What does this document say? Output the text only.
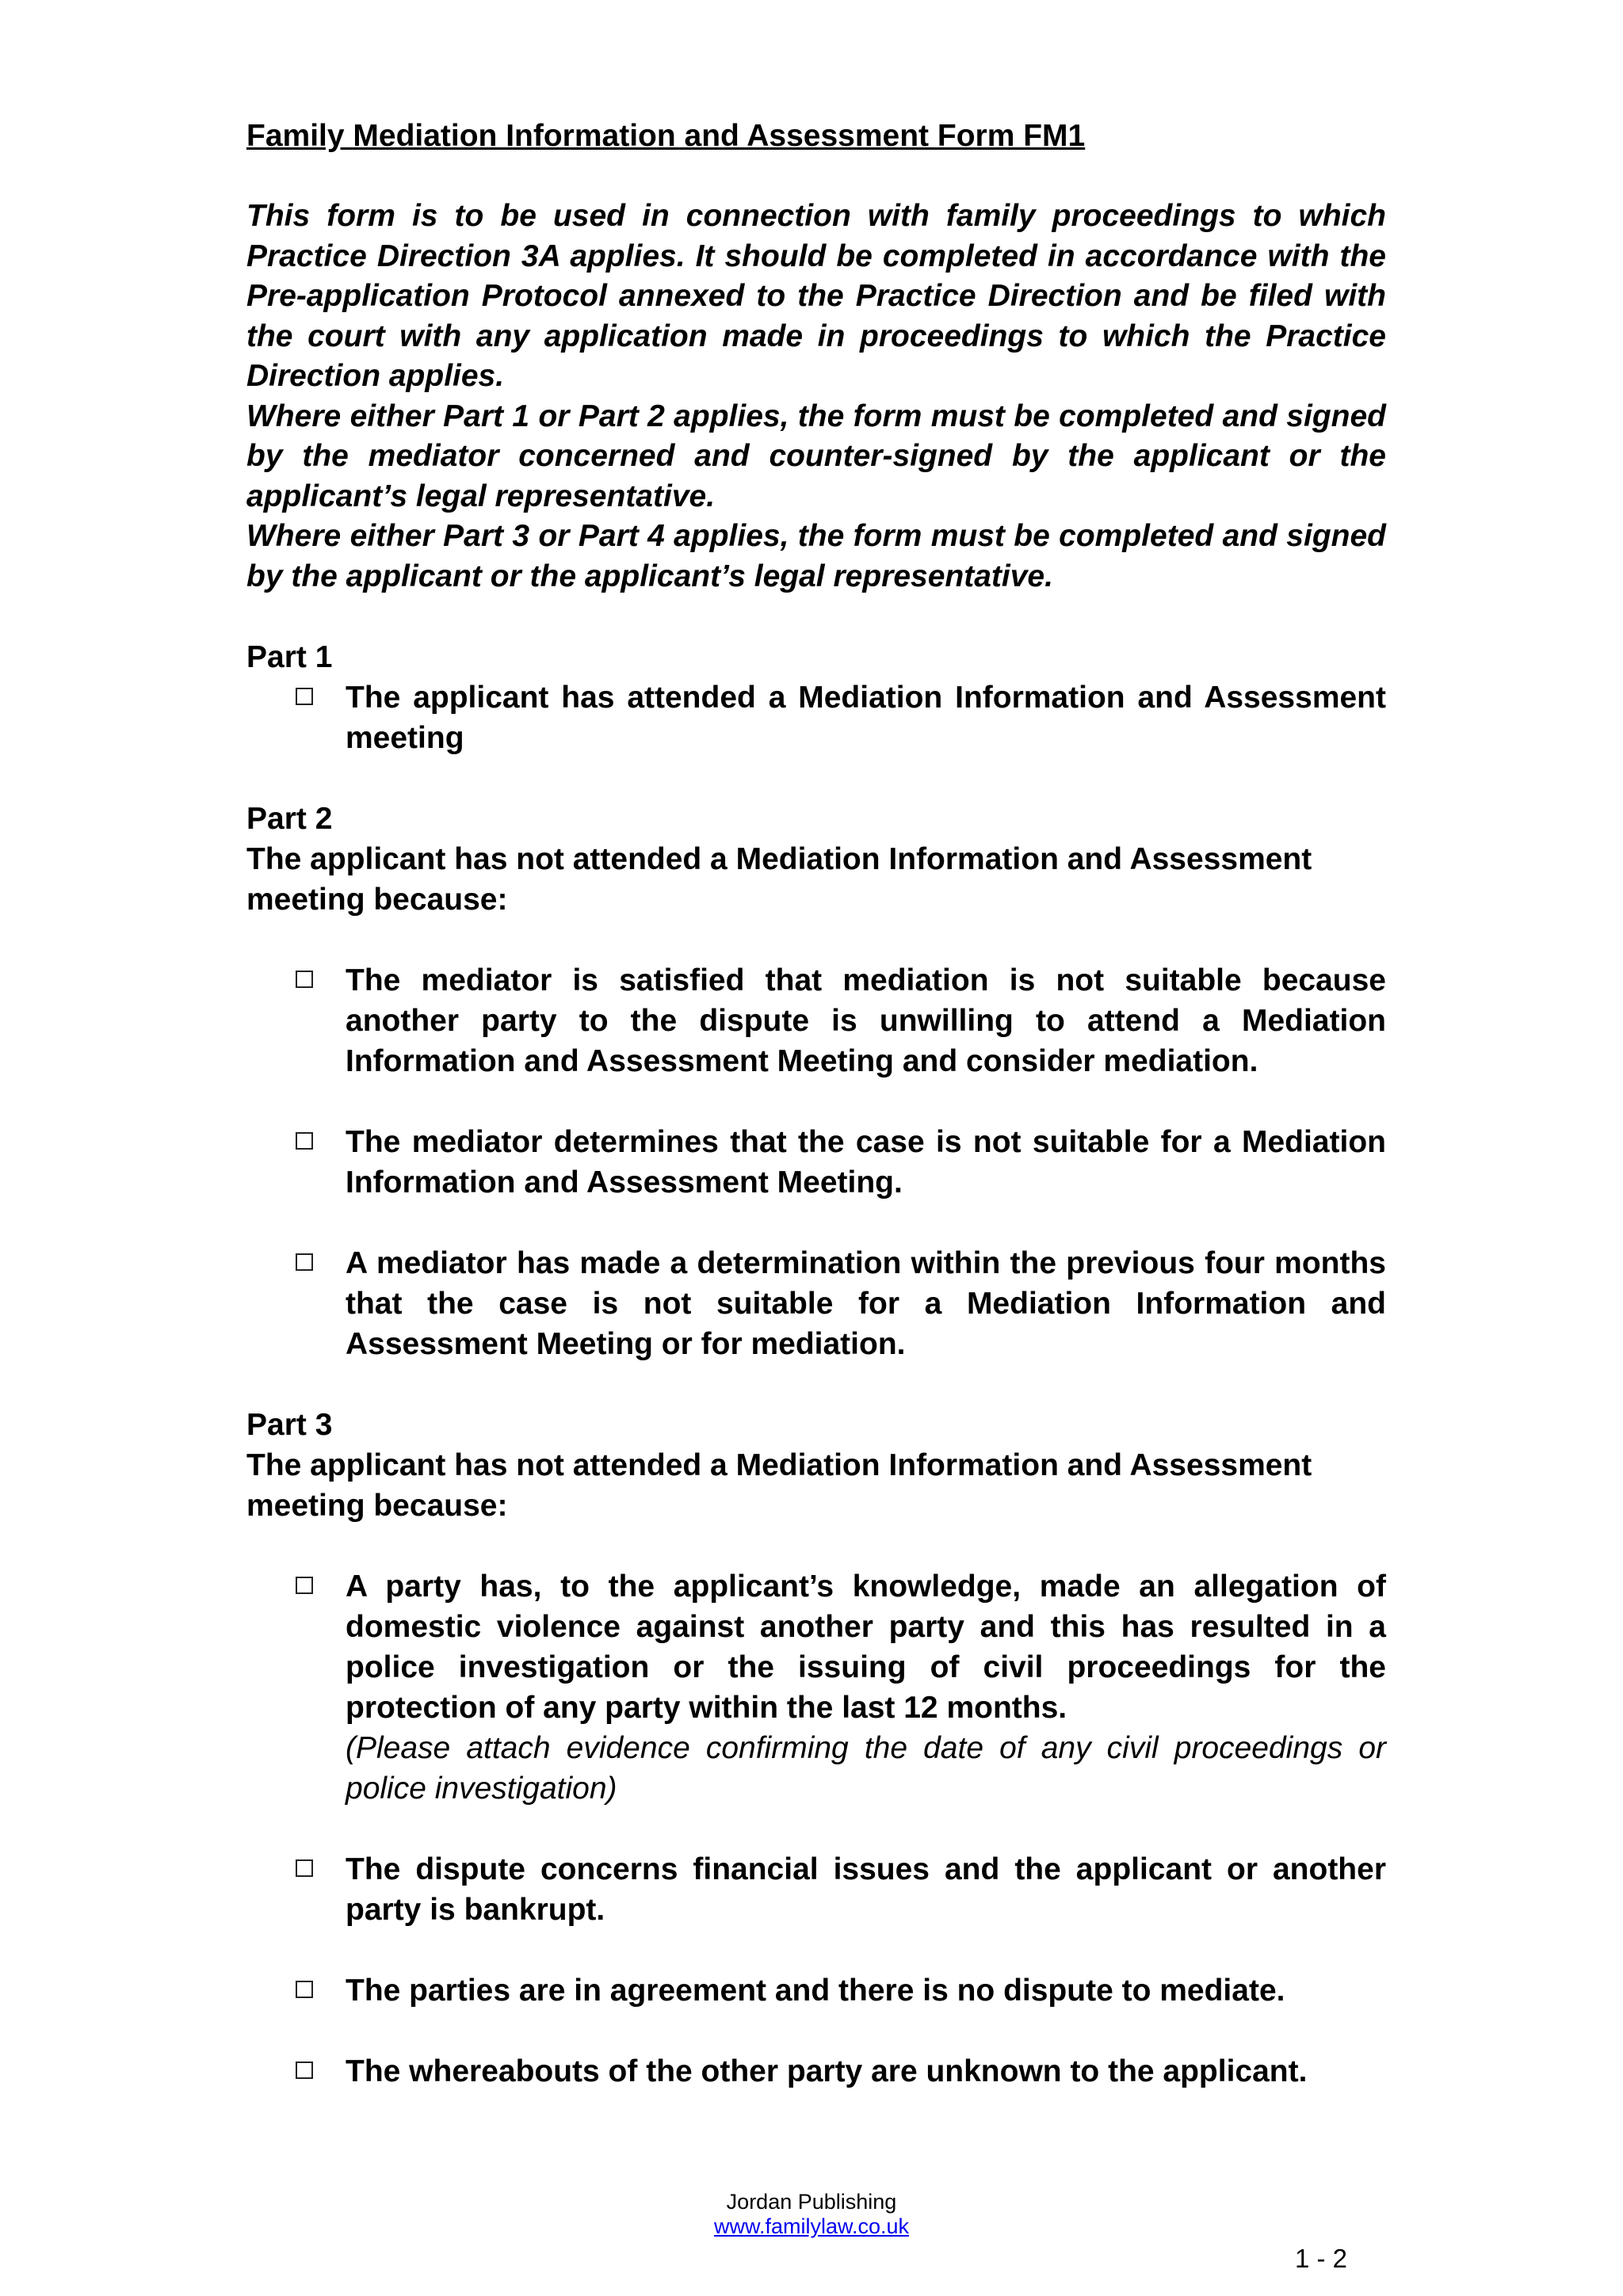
Family Mediation Information and Assessment Form FM1

This form is to be used in connection with family proceedings to which Practice Direction 3A applies. It should be completed in accordance with the Pre-application Protocol annexed to the Practice Direction and be filed with the court with any application made in proceedings to which the Practice Direction applies.

Where either Part 1 or Part 2 applies, the form must be completed and signed by the mediator concerned and counter-signed by the applicant or the applicant’s legal representative.

Where either Part 3 or Part 4 applies, the form must be completed and signed by the applicant or the applicant’s legal representative.

Part 1
The applicant has attended a Mediation Information and Assessment meeting
Part 2
The applicant has not attended a Mediation Information and Assessment meeting because:
The mediator is satisfied that mediation is not suitable because another party to the dispute is unwilling to attend a Mediation Information and Assessment Meeting and consider mediation.
The mediator determines that the case is not suitable for a Mediation Information and Assessment Meeting.
A mediator has made a determination within the previous four months that the case is not suitable for a Mediation Information and Assessment Meeting or for mediation.
Part 3
The applicant has not attended a Mediation Information and Assessment meeting because:
A party has, to the applicant’s knowledge, made an allegation of domestic violence against another party and this has resulted in a police investigation or the issuing of civil proceedings for the protection of any party within the last 12 months.
(Please attach evidence confirming the date of any civil proceedings or police investigation)
The dispute concerns financial issues and the applicant or another party is bankrupt.
The parties are in agreement and there is no dispute to mediate.
The whereabouts of the other party are unknown to the applicant.
Jordan Publishing
www.familylaw.co.uk
1 - 2
